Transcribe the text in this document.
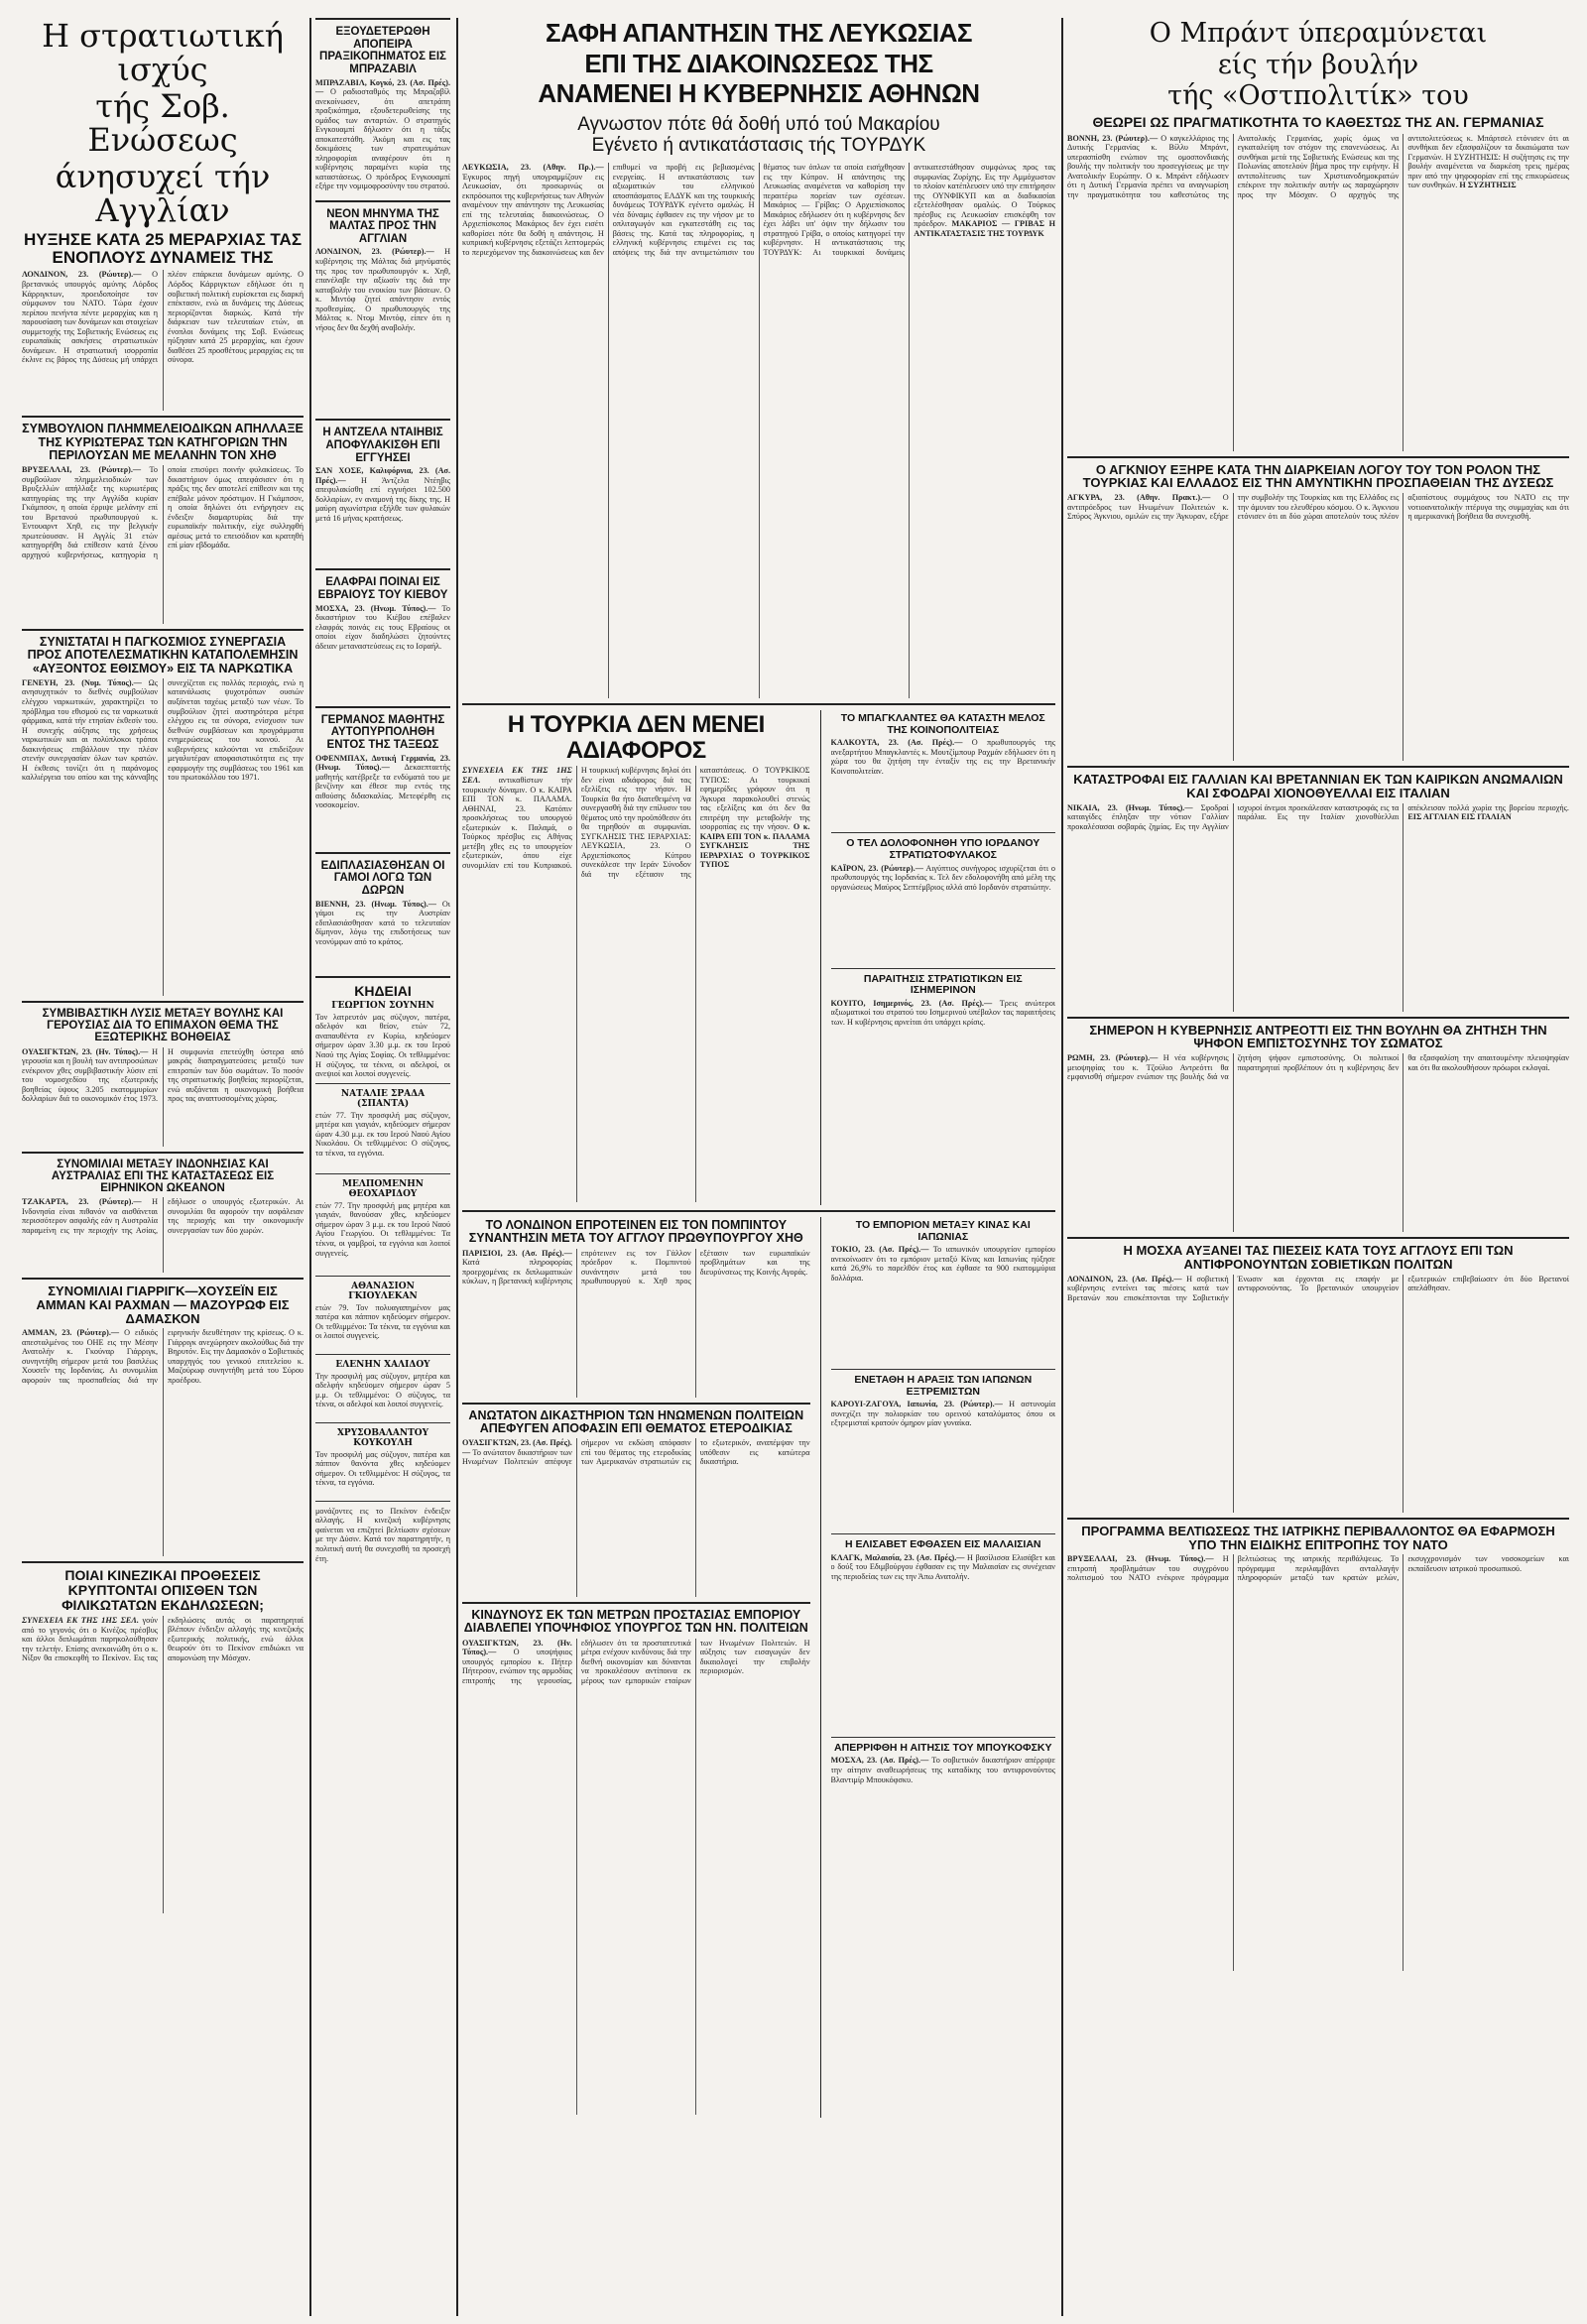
Η στρατιωτική ισχύς
τής Σοβ. Ενώσεως
άνησυχεί τήν Αγγλίαν
ΗΥΞΗΣΕ ΚΑΤΑ 25 ΜΕΡΑΡΧΙΑΣ ΤΑΣ ΕΝΟΠΛΟΥΣ ΔΥΝΑΜΕΙΣ ΤΗΣ
ΛΟΝΔΙΝΟΝ, 23. (Ρώυτερ).— Ο βρετανικός υπουργός αμύνης Λόρδος Κάρριγκτων, προειδοποίησε τον σύμφωνον του ΝΑΤΟ. Τώρα έχουν περίπου πενήντα πέντε μεραρχίας και η παρουσίαση των δυνάμεων και στοιχείων συμμετοχής της Σοβιετικής Ενώσεως εις ευρωπαϊκάς ασκήσεις στρατιωτικών δυνάμεων. Η στρατιωτική ισορροπία έκλινε εις βάρος της Δύσεως μή υπάρχει πλέον επάρκεια δυνάμεων αμύνης. Ο Λόρδος Κάρριγκτων εδήλωσε ότι η σοβιετική πολιτική ευρίσκεται εις διαρκή επέκτασιν, ενώ αι δυνάμεις της Δύσεως περιορίζονται διαρκώς. Κατά τήν διάρκειαν των τελευταίων ετών, αι ένοπλοι δυνάμεις της Σοβ. Ενώσεως ηύξησαν κατά 25 μεραρχίας, και έχουν διαθέσει 25 προσθέτους μεραρχίας εις τα σύνορα.
ΣΥΜΒΟΥΛΙΟΝ ΠΛΗΜΜΕΛΕΙΟΔΙΚΩΝ ΑΠΗΛΛΑΞΕ ΤΗΣ ΚΥΡΙΩΤΕΡΑΣ ΤΩΝ ΚΑΤΗΓΟΡΙΩΝ ΤΗΝ ΠΕΡΙΛΟΥΣΑΝ ΜΕ ΜΕΛΑΝΗΝ ΤΟΝ ΧΗΘ
ΒΡΥΞΕΛΛΑΙ, 23. (Ρώυτερ).— Το συμβούλιον πλημμελειοδικών των Βρυξελλών απήλλαξε της κυριωτέρας κατηγορίας της την Αγγλίδα κυρίαν Γκάμπσον, η οποία έρριψε μελάνην επί του Βρετανού πρωθυπουργού κ. Έντουαρντ Χηθ, εις την βελγικήν πρωτεύουσαν. Η Αγγλίς 31 ετών κατηγορήθη διά επίθεσιν κατά ξένου αρχηγού κυβερνήσεως, κατηγορία η οποία επισύρει ποινήν φυλακίσεως. Το δικαστήριον όμως απεφάσισεν ότι η πράξις της δεν αποτελεί επίθεσιν και της επέβαλε μόνον πρόστιμον. Η Γκάμπσον, η οποία δηλώνει ότι ενήργησεν εις ένδειξιν διαμαρτυρίας διά την ευρωπαϊκήν πολιτικήν, είχε συλληφθή αμέσως μετά το επεισόδιον και κρατηθή επί μίαν εβδομάδα.
ΣΥΝΙΣΤΑΤΑΙ Η ΠΑΓΚΟΣΜΙΟΣ ΣΥΝΕΡΓΑΣΙΑ ΠΡΟΣ ΑΠΟΤΕΛΕΣΜΑΤΙΚΗΝ ΚΑΤΑΠΟΛΕΜΗΣΙΝ «ΑΥΞΟΝΤΟΣ ΕΘΙΣΜΟΥ» ΕΙΣ ΤΑ ΝΑΡΚΩΤΙΚΑ
ΓΕΝΕΥΗ, 23. (Νυμ. Τύπος).— Ως ανησυχητικόν το διεθνές συμβούλιον ελέγχου ναρκωτικών, χαρακτηρίζει το πρόβλημα του εθισμού εις τα ναρκωτικά φάρμακα, κατά τήν ετησίαν έκθεσίν του. Η συνεχής αύξησις της χρήσεως ναρκωτικών και αι πολύπλοκοι τρόποι διακινήσεως επιβάλλουν την πλέον στενήν συνεργασίαν όλων των κρατών. Η έκθεσις τονίζει ότι η παράνομος καλλιέργεια του οπίου και της κάνναβης συνεχίζεται εις πολλάς περιοχάς, ενώ η κατανάλωσις ψυχοτρόπων ουσιών αυξάνεται ταχέως μεταξύ των νέων. Το συμβούλιον ζητεί αυστηρότερα μέτρα ελέγχου εις τα σύνορα, ενίσχυσιν των διεθνών συμβάσεων και προγράμματα ενημερώσεως του κοινού. Αι κυβερνήσεις καλούνται να επιδείξουν μεγαλυτέραν αποφασιστικότητα εις την εφαρμογήν της συμβάσεως του 1961 και του πρωτοκόλλου του 1971.
ΣΥΜΒΙΒΑΣΤΙΚΗ ΛΥΣΙΣ ΜΕΤΑΞΥ ΒΟΥΛΗΣ ΚΑΙ ΓΕΡΟΥΣΙΑΣ ΔΙΑ ΤΟ ΕΠΙΜΑΧΟΝ ΘΕΜΑ ΤΗΣ ΕΞΩΤΕΡΙΚΗΣ ΒΟΗΘΕΙΑΣ
ΟΥΑΣΙΓΚΤΩΝ, 23. (Ην. Τύπος).— Η γερουσία και η βουλή των αντιπροσώπων ενέκρινον χθες συμβιβαστικήν λύσιν επί του νομοσχεδίου της εξωτερικής βοηθείας ύψους 3.205 εκατομμυρίων δολλαρίων διά το οικονομικόν έτος 1973. Η συμφωνία επετεύχθη ύστερα από μακράς διαπραγματεύσεις μεταξύ των επιτροπών των δύο σωμάτων. Το ποσόν της στρατιωτικής βοηθείας περιορίζεται, ενώ αυξάνεται η οικονομική βοήθεια προς τας αναπτυσσομένας χώρας.
ΣΥΝΟΜΙΛΙΑΙ ΜΕΤΑΞΥ ΙΝΔΟΝΗΣΙΑΣ ΚΑΙ ΑΥΣΤΡΑΛΙΑΣ ΕΠΙ ΤΗΣ ΚΑΤΑΣΤΑΣΕΩΣ ΕΙΣ ΕΙΡΗΝΙΚΟΝ ΩΚΕΑΝΟΝ
ΤΖΑΚΑΡΤΑ, 23. (Ρώυτερ).— Η Ινδονησία είναι πιθανόν να αισθάνεται περισσότερον ασφαλής εάν η Αυστραλία παραμείνη εις την περιοχήν της Ασίας, εδήλωσε ο υπουργός εξωτερικών. Αι συνομιλίαι θα αφορούν την ασφάλειαν της περιοχής και την οικονομικήν συνεργασίαν των δύο χωρών.
ΣΥΝΟΜΙΛΙΑΙ ΓΙΑΡΡΙΓΚ—ΧΟΥΣΕΪΝ ΕΙΣ ΑΜΜΑΝ ΚΑΙ ΡΑΧΜΑΝ — ΜΑΖΟΥΡΩΦ ΕΙΣ ΔΑΜΑΣΚΟΝ
ΑΜΜΑΝ, 23. (Ρώυτερ).— Ο ειδικός απεσταλμένος του ΟΗΕ εις την Μέσην Ανατολήν κ. Γκούναρ Γιάρριγκ, συνηντήθη σήμερον μετά του βασιλέως Χουσεΐν της Ιορδανίας. Αι συνομιλίαι αφορούν τας προσπαθείας διά την ειρηνικήν διευθέτησιν της κρίσεως. Ο κ. Γιάρριγκ ανεχώρησεν ακολούθως διά την Βηρυτόν. Εις την Δαμασκόν ο Σοβιετικός υπαρχηγός του γενικού επιτελείου κ. Μαζούρωφ συνηντήθη μετά του Σύρου προέδρου.
ΠΟΙΑΙ ΚΙΝΕΖΙΚΑΙ ΠΡΟΘΕΣΕΙΣ ΚΡΥΠΤΟΝΤΑΙ ΟΠΙΣΘΕΝ ΤΩΝ ΦΙΛΙΚΩΤΑΤΩΝ ΕΚΔΗΛΩΣΕΩΝ;
ΣΥΝΕΧΕΙΑ ΕΚ ΤΗΣ 1ΗΣ ΣΕΛ. γούν από το γεγονός ότι ο Κινέζος πρέσβυς και άλλοι διπλωμάται παρηκολούθησαν την τελετήν. Επίσης ανεκοινώθη ότι ο κ. Νίξον θα επισκεφθή το Πεκίνον. Εις τας εκδηλώσεις αυτάς οι παρατηρηταί βλέπουν ένδειξιν αλλαγής της κινεζικής εξωτερικής πολιτικής, ενώ άλλοι θεωρούν ότι το Πεκίνον επιδιώκει να απομονώση την Μόσχαν.
ΕΞΟΥΔΕΤΕΡΩΘΗ ΑΠΟΠΕΙΡΑ ΠΡΑΞΙΚΟΠΗΜΑΤΟΣ ΕΙΣ ΜΠΡΑΖΑΒΙΛ
ΜΠΡΑΖΑΒΙΛ, Κογκό, 23. (Ασ. Πρές).— Ο ραδιοσταθμός της Μπραζαβίλ ανεκοίνωσεν, ότι απετράπη πραξικόπημα, εξουδετερωθείσης της ομάδος των ανταρτών. Ο στρατηγός Ενγκουαμπί δήλωσεν ότι η τάξις αποκατεστάθη. Άκόμη και εις τας δοκιμάσεις των στρατευμάτων πληροφορίαι αναφέρουν ότι η κυβέρνησις παραμένει κυρία της καταστάσεως. Ο πρόεδρος Ενγκουαμπί εξήρε την νομιμοφροσύνην του στρατού.
ΝΕΟΝ ΜΗΝΥΜΑ ΤΗΣ ΜΑΛΤΑΣ ΠΡΟΣ ΤΗΝ ΑΓΓΛΙΑΝ
ΛΟΝΔΙΝΟΝ, 23. (Ρώυτερ).— Η κυβέρνησις της Μάλτας διά μηνύματός της προς τον πρωθυπουργόν κ. Χηθ, επανέλαβε την αξίωσίν της διά την καταβολήν του ενοικίου των βάσεων. Ο κ. Μιντόφ ζητεί απάντησιν εντός προθεσμίας. Ο πρωθυπουργός της Μάλτας κ. Ντομ Μιντόφ, είπεν ότι η νήσος δεν θα δεχθή αναβολήν.
Η ΑΝΤΖΕΛΑ ΝΤΑΙΗΒΙΣ ΑΠΟΦΥΛΑΚΙΣΘΗ ΕΠΙ ΕΓΓΥΗΣΕΙ
ΣΑΝ ΧΟΣΕ, Καλιφόρνια, 23. (Ασ. Πρές).— Η Άντζελα Ντέηβις απεφυλακίσθη επί εγγυήσει 102.500 δολλαρίων, εν αναμονή της δίκης της. Η μαύρη αγωνίστρια εξήλθε των φυλακών μετά 16 μήνας κρατήσεως.
ΕΛΑΦΡΑΙ ΠΟΙΝΑΙ ΕΙΣ ΕΒΡΑΙΟΥΣ ΤΟΥ ΚΙΕΒΟΥ
ΜΟΣΧΑ, 23. (Ηνωμ. Τύπος).— Το δικαστήριον του Κιέβου επέβαλεν ελαφράς ποινάς εις τους Εβραίους οι οποίοι είχον διαδηλώσει ζητούντες άδειαν μεταναστεύσεως εις το Ισραήλ.
ΓΕΡΜΑΝΟΣ ΜΑΘΗΤΗΣ ΑΥΤΟΠΥΡΠΟΛΗΘΗ ΕΝΤΟΣ ΤΗΣ ΤΑΞΕΩΣ
ΟΦΕΝΜΠΑΧ, Δυτική Γερμανία, 23. (Ηνωμ. Τύπος).— Δεκαεπταετής μαθητής κατέβρεξε τα ενδύματά του με βενζίνην και έθεσε πυρ εντός της αιθούσης διδασκαλίας. Μετεφέρθη εις νοσοκομείον.
ΕΔΙΠΛΑΣΙΑΣΘΗΣΑΝ ΟΙ ΓΑΜΟΙ ΛΟΓΩ ΤΩΝ ΔΩΡΩΝ
ΒΙΕΝΝΗ, 23. (Ηνωμ. Τύπος).— Οι γάμοι εις την Αυστρίαν εδιπλασιάσθησαν κατά το τελευταίον δίμηνον, λόγω της επιδοτήσεως των νεονύμφων από το κράτος.
ΚΗΔΕΙΑΙ
ΓΕΩΡΓΙΟΝ ΣΟΥΝΗΝ
Τον λατρευτόν μας σύζυγον, πατέρα, αδελφόν και θείον, ετών 72, αναπαυθέντα εν Κυρίω, κηδεύομεν σήμερον ώραν 3.30 μ.μ. εκ του Ιερού Ναού της Αγίας Σοφίας. Οι τεθλιμμένοι: Η σύζυγος, τα τέκνα, οι αδελφοί, οι ανεψιοί και λοιποί συγγενείς.
ΝΑΤΑΛΙΕ ΣΡΑΔΑ (ΣΠΑΝΤΑ)
ετών 77. Την προσφιλή μας σύζυγον, μητέρα και γιαγιάν, κηδεύομεν σήμερον ώραν 4.30 μ.μ. εκ του Ιερού Ναού Αγίου Νικολάου. Οι τεθλιμμένοι: Ο σύζυγος, τα τέκνα, τα εγγόνια.
ΜΕΛΠΟΜΕΝΗΝ ΘΕΟΧΑΡΙΔΟΥ
ετών 77. Την προσφιλή μας μητέρα και γιαγιάν, θανούσαν χθες, κηδεύομεν σήμερον ώραν 3 μ.μ. εκ του Ιερού Ναού Αγίου Γεωργίου. Οι τεθλιμμένοι: Τα τέκνα, οι γαμβροί, τα εγγόνια και λοιποί συγγενείς.
ΑΘΑΝΑΣΙΟΝ ΓΚΙΟΥΛΕΚΑΝ
ετών 79. Τον πολυαγαπημένον μας πατέρα και πάππον κηδεύομεν σήμερον. Οι τεθλιμμένοι: Τα τέκνα, τα εγγόνια και οι λοιποί συγγενείς.
ΕΛΕΝΗΝ ΧΑΛΙΔΟΥ
Την προσφιλή μας σύζυγον, μητέρα και αδελφήν κηδεύομεν σήμερον ώραν 5 μ.μ. Οι τεθλιμμένοι: Ο σύζυγος, τα τέκνα, οι αδελφοί και λοιποί συγγενείς.
ΧΡΥΣΟΒΑΛΑΝΤΟΥ ΚΟΥΚΟΥΛΗ
Τον προσφιλή μας σύζυγον, πατέρα και πάππον θανόντα χθες κηδεύομεν σήμερον. Οι τεθλιμμένοι: Η σύζυγος, τα τέκνα, τα εγγόνια.
μονάζοντες εις το Πεκίνον ένδειξιν αλλαγής. Η κινεζική κυβέρνησις φαίνεται να επιζητεί βελτίωσιν σχέσεων με την Δύσιν. Κατά τον παρατηρητήν, η πολιτική αυτή θα συνεχισθή τα προσεχή έτη.
ΣΑΦΗ ΑΠΑΝΤΗΣΙΝ ΤΗΣ ΛΕΥΚΩΣΙΑΣ
ΕΠΙ ΤΗΣ ΔΙΑΚΟΙΝΩΣΕΩΣ ΤΗΣ
ΑΝΑΜΕΝΕΙ Η ΚΥΒΕΡΝΗΣΙΣ ΑΘΗΝΩΝ
Αγνωστον πότε θά δοθή υπό τού Μακαρίου
Εγένετο ή αντικατάστασις τής ΤΟΥΡΔΥΚ
ΛΕΥΚΩΣΙΑ, 23. (Αθην. Πρ.).— Έγκυρος πηγή υπογραμμίζουν εις Λευκωσίαν, ότι προσωρινώς οι εκπρόσωποι της κυβερνήσεως των Αθηνών αναμένουν την απάντησιν της Λευκωσίας επί της τελευταίας διακοινώσεως. Ο Αρχιεπίσκοπος Μακάριος δεν έχει εισέτι καθορίσει πότε θα δοθή η απάντησις. Η κυπριακή κυβέρνησις εξετάζει λεπτομερώς το περιεχόμενον της διακοινώσεως και δεν επιθυμεί να προβή εις βεβιασμένας ενεργείας. Η αντικατάστασις των αξιωματικών του ελληνικού αποσπάσματος ΕΛΔΥΚ και της τουρκικής δυνάμεως ΤΟΥΡΔΥΚ εγένετο ομαλώς. Η νέα δύναμις έφθασεν εις την νήσον με το οπλιταγωγόν και εγκατεστάθη εις τας βάσεις της. Κατά τας πληροφορίας, η ελληνική κυβέρνησις επιμένει εις τας απόψεις της διά την αντιμετώπισιν του θέματος των όπλων τα οποία εισήχθησαν εις την Κύπρον. Η απάντησις της Λευκωσίας αναμένεται να καθορίση την περαιτέρω πορείαν των σχέσεων. Μακάριος — Γρίβας: Ο Αρχιεπίσκοπος Μακάριος εδήλωσεν ότι η κυβέρνησις δεν έχει λάβει υπ' όψιν την δήλωσιν του στρατηγού Γρίβα, ο οποίος κατηγορεί την κυβέρνησιν. Η αντικατάστασις της ΤΟΥΡΔΥΚ: Αι τουρκικαί δυνάμεις αντικατεστάθησαν συμφώνως προς τας συμφωνίας Ζυρίχης. Εις την Αμμόχωστον το πλοίον κατέπλευσεν υπό την επιτήρησιν της ΟΥΝΦΙΚΥΠ και αι διαδικασίαι εξετελέσθησαν ομαλώς. Ο Τούρκος πρέσβυς εις Λευκωσίαν επισκέφθη τον πρόεδρον. ΜΑΚΑΡΙΟΣ — ΓΡΙΒΑΣ Η ΑΝΤΙΚΑΤΑΣΤΑΣΙΣ ΤΗΣ ΤΟΥΡΔΥΚ
Η ΤΟΥΡΚΙΑ ΔΕΝ ΜΕΝΕΙ ΑΔΙΑΦΟΡΟΣ
ΣΥΝΕΧΕΙΑ ΕΚ ΤΗΣ 1ΗΣ ΣΕΛ. αντικαθίστων τήν τουρκικήν δύναμιν. Ο κ. ΚΑΙΡΑ ΕΠΙ ΤΟΝ κ. ΠΑΛΑΜΑ. ΑΘΗΝΑΙ, 23. Κατόπιν προσκλήσεως του υπουργού εξωτερικών κ. Παλαμά, ο Τούρκος πρέσβυς εις Αθήνας μετέβη χθες εις το υπουργείον εξωτερικών, όπου είχε συνομιλίαν επί του Κυπριακού. Η τουρκική κυβέρνησις δηλοί ότι δεν είναι αδιάφορος διά τας εξελίξεις εις την νήσον. Η Τουρκία θα ήτο διατεθειμένη να συνεργασθή διά την επίλυσιν του θέματος υπό την προϋπόθεσιν ότι θα τηρηθούν αι συμφωνίαι. ΣΥΓΚΛΗΣΙΣ ΤΗΣ ΙΕΡΑΡΧΙΑΣ: ΛΕΥΚΩΣΙΑ, 23. Ο Αρχιεπίσκοπος Κύπρου συνεκάλεσε την Ιεράν Σύνοδον διά την εξέτασιν της καταστάσεως. Ο ΤΟΥΡΚΙΚΟΣ ΤΥΠΟΣ: Αι τουρκικαί εφημερίδες γράφουν ότι η Άγκυρα παρακολουθεί στενώς τας εξελίξεις και ότι δεν θα επιτρέψη την μεταβολήν της ισορροπίας εις την νήσον. Ο κ. ΚΑΙΡΑ ΕΠΙ ΤΟΝ κ. ΠΑΛΑΜΑ ΣΥΓΚΛΗΣΙΣ ΤΗΣ ΙΕΡΑΡΧΙΑΣ Ο ΤΟΥΡΚΙΚΟΣ ΤΥΠΟΣ
ΤΟ ΜΠΑΓΚΛΑΝΤΕΣ ΘΑ ΚΑΤΑΣΤΗ ΜΕΛΟΣ ΤΗΣ ΚΟΙΝΟΠΟΛΙΤΕΙΑΣ
ΚΑΛΚΟΥΤΑ, 23. (Ασ. Πρές).— Ο πρωθυπουργός της ανεξαρτήτου Μπαγκλαντές κ. Μουτζίμπουρ Ραχμάν εδήλωσεν ότι η χώρα του θα ζητήση την ένταξίν της εις την Βρετανικήν Κοινοπολιτείαν.
Ο ΤΕΛ ΔΟΛΟΦΟΝΗΘΗ ΥΠΟ ΙΟΡΔΑΝΟΥ ΣΤΡΑΤΙΩΤΟΦΥΛΑΚΟΣ
ΚΑΪΡΟΝ, 23. (Ρώυτερ).— Αιγύπτιος συνήγορος ισχυρίζεται ότι ο πρωθυπουργός της Ιορδανίας κ. Τελ δεν εδολοφονήθη από μέλη της οργανώσεως Μαύρος Σεπτέμβριος αλλά από Ιορδανόν στρατιώτην.
ΠΑΡΑΙΤΗΣΙΣ ΣΤΡΑΤΙΩΤΙΚΩΝ ΕΙΣ ΙΣΗΜΕΡΙΝΟΝ
ΚΟΥΙΤΟ, Ισημερινός, 23. (Ασ. Πρές).— Τρεις ανώτεροι αξιωματικοί του στρατού του Ισημερινού υπέβαλον τας παραιτήσεις των. Η κυβέρνησις αρνείται ότι υπάρχει κρίσις.
ΤΟ ΛΟΝΔΙΝΟΝ ΕΠΡΟΤΕΙΝΕΝ ΕΙΣ ΤΟΝ ΠΟΜΠΙΝΤΟΥ ΣΥΝΑΝΤΗΣΙΝ ΜΕΤΑ ΤΟΥ ΑΓΓΛΟΥ ΠΡΩΘΥΠΟΥΡΓΟΥ ΧΗΘ
ΠΑΡΙΣΙΟΙ, 23. (Ασ. Πρές).— Κατά πληροφορίας προερχομένας εκ διπλωματικών κύκλων, η βρετανική κυβέρνησις επρότεινεν εις τον Γάλλον πρόεδρον κ. Πομπιντού συνάντησιν μετά του πρωθυπουργού κ. Χηθ προς εξέτασιν των ευρωπαϊκών προβλημάτων και της διευρύνσεως της Κοινής Αγοράς.
ΑΝΩΤΑΤΟΝ ΔΙΚΑΣΤΗΡΙΟΝ ΤΩΝ ΗΝΩΜΕΝΩΝ ΠΟΛΙΤΕΙΩΝ ΑΠΕΦΥΓΕΝ ΑΠΟΦΑΣΙΝ ΕΠΙ ΘΕΜΑΤΟΣ ΕΤΕΡΟΔΙΚΙΑΣ
ΟΥΑΣΙΓΚΤΩΝ, 23. (Ασ. Πρές).— Το ανώτατον δικαστήριον των Ηνωμένων Πολιτειών απέφυγε σήμερον να εκδώση απόφασιν επί του θέματος της ετεροδικίας των Αμερικανών στρατιωτών εις το εξωτερικόν, αναπέμψαν την υπόθεσιν εις κατώτερα δικαστήρια.
ΚΙΝΔΥΝΟΥΣ ΕΚ ΤΩΝ ΜΕΤΡΩΝ ΠΡΟΣΤΑΣΙΑΣ ΕΜΠΟΡΙΟΥ ΔΙΑΒΛΕΠΕΙ ΥΠΟΨΗΦΙΟΣ ΥΠΟΥΡΓΟΣ ΤΩΝ ΗΝ. ΠΟΛΙΤΕΙΩΝ
ΟΥΑΣΙΓΚΤΩΝ, 23. (Ην. Τύπος).— Ο υποψήφιος υπουργός εμπορίου κ. Πήτερ Πήτερσον, ενώπιον της αρμοδίας επιτροπής της γερουσίας, εδήλωσεν ότι τα προστατευτικά μέτρα ενέχουν κινδύνους διά την διεθνή οικονομίαν και δύνανται να προκαλέσουν αντίποινα εκ μέρους των εμπορικών εταίρων των Ηνωμένων Πολιτειών. Η αύξησις των εισαγωγών δεν δικαιολογεί την επιβολήν περιορισμών.
ΤΟ ΕΜΠΟΡΙΟΝ ΜΕΤΑΞΥ ΚΙΝΑΣ ΚΑΙ ΙΑΠΩΝΙΑΣ
ΤΟΚΙΟ, 23. (Ασ. Πρές).— Το ιαπωνικόν υπουργείον εμπορίου ανεκοίνωσεν ότι το εμπόριον μεταξύ Κίνας και Ιαπωνίας ηύξησε κατά 26,9% το παρελθόν έτος και έφθασε τα 900 εκατομμύρια δολλάρια.
ΕΝΕΤΑΘΗ Η ΑΡΑΞΙΣ ΤΩΝ ΙΑΠΩΝΩΝ ΕΞΤΡΕΜΙΣΤΩΝ
ΚΑΡΟΥΙ-ΖΑΓΟΥΑ, Ιαπωνία, 23. (Ρώυτερ).— Η αστυνομία συνεχίζει την πολιορκίαν του ορεινού καταλύματος όπου οι εξτρεμισταί κρατούν όμηρον μίαν γυναίκα.
Η ΕΛΙΣΑΒΕΤ ΕΦΘΑΣΕΝ ΕΙΣ ΜΑΛΑΙΣΙΑΝ
ΚΛΑΓΚ, Μαλαισία, 23. (Ασ. Πρές).— Η βασίλισσα Ελισάβετ και ο δούξ του Εδιμβούργου έφθασαν εις την Μαλαισίαν εις συνέχειαν της περιοδείας των εις την Άπω Ανατολήν.
ΑΠΕΡΡΙΦΘΗ Η ΑΙΤΗΣΙΣ ΤΟΥ ΜΠΟΥΚΟΦΣΚΥ
ΜΟΣΧΑ, 23. (Ασ. Πρές).— Το σοβιετικόν δικαστήριον απέρριψε την αίτησιν αναθεωρήσεως της καταδίκης του αντιφρονούντος Βλαντιμίρ Μπουκόφσκυ.
Ο Μπράντ ύπεραμύνεται
είς τήν βουλήν
τής «Οστπολιτίκ» του
ΘΕΩΡΕΙ ΩΣ ΠΡΑΓΜΑΤΙΚΟΤΗΤΑ ΤΟ ΚΑΘΕΣΤΩΣ ΤΗΣ ΑΝ. ΓΕΡΜΑΝΙΑΣ
ΒΟΝΝΗ, 23. (Ρώυτερ).— Ο καγκελλάριος της Δυτικής Γερμανίας κ. Βίλλυ Μπράντ, υπερασπίσθη ενώπιον της ομοσπονδιακής βουλής την πολιτικήν του προσεγγίσεως με την Ανατολικήν Ευρώπην. Ο κ. Μπράντ εδήλωσεν ότι η Δυτική Γερμανία πρέπει να αναγνωρίση την πραγματικότητα του καθεστώτος της Ανατολικής Γερμανίας, χωρίς όμως να εγκαταλείψη τον στόχον της επανενώσεως. Αι συνθήκαι μετά της Σοβιετικής Ενώσεως και της Πολωνίας αποτελούν βήμα προς την ειρήνην. Η αντιπολίτευσις των Χριστιανοδημοκρατών επέκρινε την πολιτικήν αυτήν ως παραχώρησιν προς την Μόσχαν. Ο αρχηγός της αντιπολιτεύσεως κ. Μπάρτσελ ετόνισεν ότι αι συνθήκαι δεν εξασφαλίζουν τα δικαιώματα των Γερμανών. Η ΣΥΖΗΤΗΣΙΣ: Η συζήτησις εις την βουλήν αναμένεται να διαρκέση τρεις ημέρας πριν από την ψηφοφορίαν επί της επικυρώσεως των συνθηκών. Η ΣΥΖΗΤΗΣΙΣ
Ο ΑΓΚΝΙΟΥ ΕΞΗΡΕ ΚΑΤΑ ΤΗΝ ΔΙΑΡΚΕΙΑΝ ΛΟΓΟΥ ΤΟΥ ΤΟΝ ΡΟΛΟΝ ΤΗΣ ΤΟΥΡΚΙΑΣ ΚΑΙ ΕΛΛΑΔΟΣ ΕΙΣ ΤΗΝ ΑΜΥΝΤΙΚΗΝ ΠΡΟΣΠΑΘΕΙΑΝ ΤΗΣ ΔΥΣΕΩΣ
ΑΓΚΥΡΑ, 23. (Αθην. Πρακτ.).— Ο αντιπρόεδρος των Ηνωμένων Πολιτειών κ. Σπύρος Άγκνιου, ομιλών εις την Άγκυραν, εξήρε την συμβολήν της Τουρκίας και της Ελλάδος εις την άμυναν του ελευθέρου κόσμου. Ο κ. Άγκνιου ετόνισεν ότι αι δύο χώραι αποτελούν τους πλέον αξιοπίστους συμμάχους του ΝΑΤΟ εις την νοτιοανατολικήν πτέρυγα της συμμαχίας και ότι η αμερικανική βοήθεια θα συνεχισθή.
ΚΑΤΑΣΤΡΟΦΑΙ ΕΙΣ ΓΑΛΛΙΑΝ ΚΑΙ ΒΡΕΤΑΝΝΙΑΝ ΕΚ ΤΩΝ ΚΑΙΡΙΚΩΝ ΑΝΩΜΑΛΙΩΝ ΚΑΙ ΣΦΟΔΡΑΙ ΧΙΟΝΟΘΥΕΛΛΑΙ ΕΙΣ ΙΤΑΛΙΑΝ
ΝΙΚΑΙΑ, 23. (Ηνωμ. Τύπος).— Σφοδραί καταιγίδες έπληξαν την νότιον Γαλλίαν προκαλέσασαι σοβαράς ζημίας. Εις την Αγγλίαν ισχυροί άνεμοι προεκάλεσαν καταστροφάς εις τα παράλια. Εις την Ιταλίαν χιονοθύελλαι απέκλεισαν πολλά χωρία της βορείου περιοχής. ΕΙΣ ΑΓΓΛΙΑΝ ΕΙΣ ΙΤΑΛΙΑΝ
ΣΗΜΕΡΟΝ Η ΚΥΒΕΡΝΗΣΙΣ ΑΝΤΡΕΟΤΤΙ ΕΙΣ ΤΗΝ ΒΟΥΛΗΝ ΘΑ ΖΗΤΗΣΗ ΤΗΝ ΨΗΦΟΝ ΕΜΠΙΣΤΟΣΥΝΗΣ ΤΟΥ ΣΩΜΑΤΟΣ
ΡΩΜΗ, 23. (Ρώυτερ).— Η νέα κυβέρνησις μειοψηφίας του κ. Τζούλιο Αντρεόττι θα εμφανισθή σήμερον ενώπιον της βουλής διά να ζητήση ψήφον εμπιστοσύνης. Οι πολιτικοί παρατηρηταί προβλέπουν ότι η κυβέρνησις δεν θα εξασφαλίση την απαιτουμένην πλειοψηφίαν και ότι θα ακολουθήσουν πρόωροι εκλογαί.
Η ΜΟΣΧΑ ΑΥΞΑΝΕΙ ΤΑΣ ΠΙΕΣΕΙΣ ΚΑΤΑ ΤΟΥΣ ΑΓΓΛΟΥΣ ΕΠΙ ΤΩΝ ΑΝΤΙΦΡΟΝΟΥΝΤΩΝ ΣΟΒΙΕΤΙΚΩΝ ΠΟΛΙΤΩΝ
ΛΟΝΔΙΝΟΝ, 23. (Ασ. Πρές).— Η σοβιετική κυβέρνησις εντείνει τας πιέσεις κατά των Βρετανών που επισκέπτονται την Σοβιετικήν Ένωσιν και έρχονται εις επαφήν με αντιφρονούντας. Το βρετανικόν υπουργείον εξωτερικών επιβεβαίωσεν ότι δύο Βρετανοί απελάθησαν.
ΠΡΟΓΡΑΜΜΑ ΒΕΛΤΙΩΣΕΩΣ ΤΗΣ ΙΑΤΡΙΚΗΣ ΠΕΡΙΒΑΛΛΟΝΤΟΣ ΘΑ ΕΦΑΡΜΟΣΗ ΥΠΟ ΤΗΝ ΕΙΔΙΚΗΣ ΕΠΙΤΡΟΠΗΣ ΤΟΥ ΝΑΤΟ
ΒΡΥΞΕΛΛΑΙ, 23. (Ηνωμ. Τύπος).— Η επιτροπή προβλημάτων του συγχρόνου πολιτισμού του ΝΑΤΟ ενέκρινε πρόγραμμα βελτιώσεως της ιατρικής περιθάλψεως. Το πρόγραμμα περιλαμβάνει ανταλλαγήν πληροφοριών μεταξύ των κρατών μελών, εκσυγχρονισμόν των νοσοκομείων και εκπαίδευσιν ιατρικού προσωπικού.
